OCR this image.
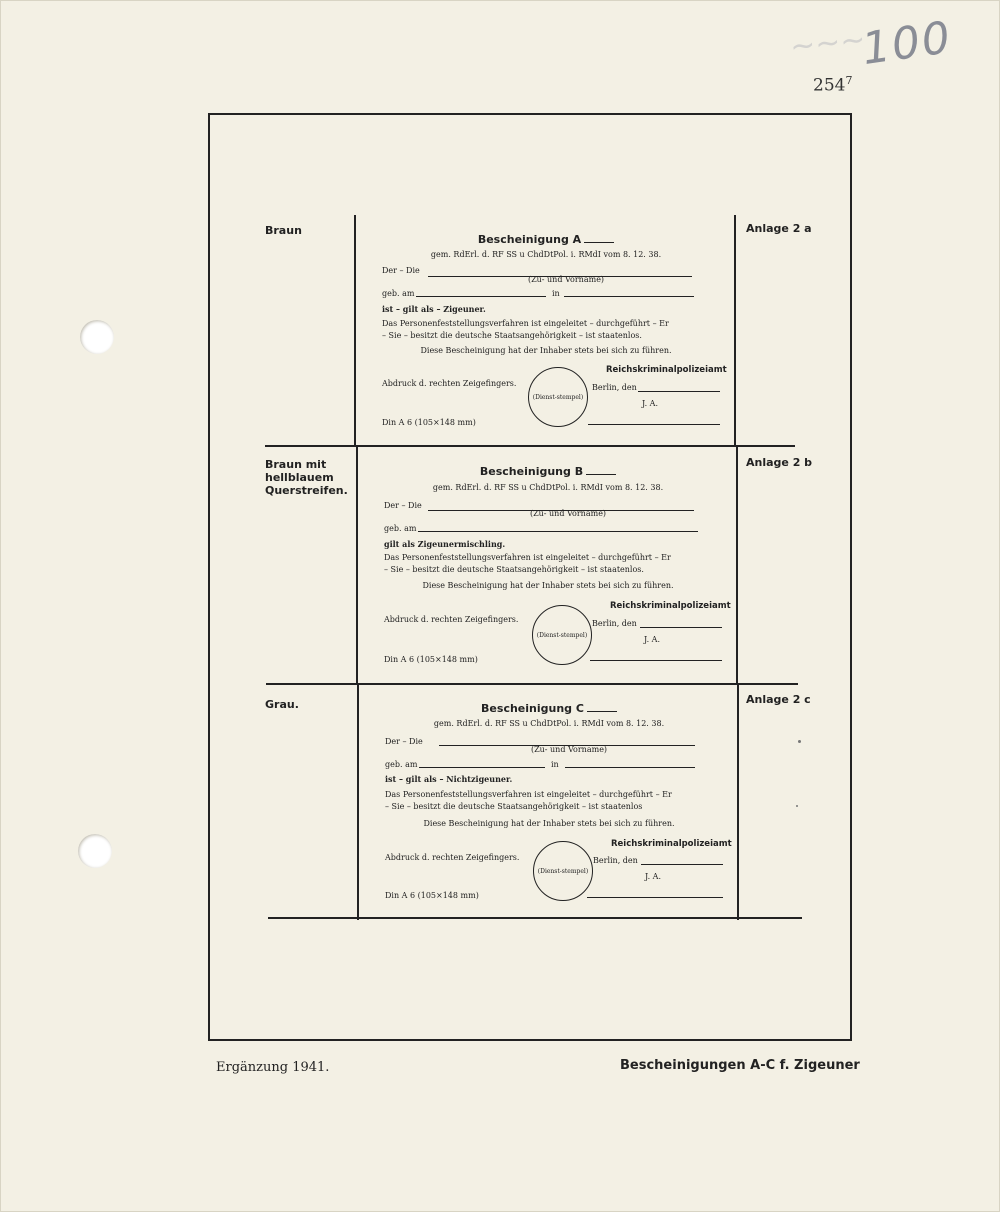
~~~
100
$254^7$
Braun	Anlage 2 a
Braun mit hellblauem Querstreifen.
Anlage 2 b
Grau.	Anlage 2 c
Bescheinigung A
gem. RdErl. d. RF SS u ChdDtPol. i. RMdI vom 8. 12. 38.
Der – Die
(Zu- und Vorname)
geb. am	in
ist – gilt als – Zigeuner.
Das Personenfeststellungsverfahren ist eingeleitet – durchgeführt – Er
– Sie – besitzt die deutsche Staatsangehörigkeit – ist staatenlos.
Diese Bescheinigung hat der Inhaber stets bei sich zu führen.
Reichskriminalpolizeiamt
Abdruck d. rechten Zeigefingers.
(Dienst-stempel)
Berlin, den
J. A.
Din A 6 (105×148 mm)
Bescheinigung B
gem. RdErl. d. RF SS u ChdDtPol. i. RMdI vom 8. 12. 38.
Der – Die
(Zu- und Vorname)
geb. am
gilt als Zigeunermischling.
Das Personenfeststellungsverfahren ist eingeleitet – durchgeführt – Er
– Sie – besitzt die deutsche Staatsangehörigkeit – ist staatenlos.
Diese Bescheinigung hat der Inhaber stets bei sich zu führen.
Reichskriminalpolizeiamt
Abdruck d. rechten Zeigefingers.
(Dienst-stempel)
Berlin, den
J. A.
Din A 6 (105×148 mm)
Bescheinigung C
gem. RdErl. d. RF SS u ChdDtPol. i. RMdI vom 8. 12. 38.
Der – Die
(Zu- und Vorname)
geb. am	in
ist – gilt als – Nichtzigeuner.
Das Personenfeststellungsverfahren ist eingeleitet – durchgeführt – Er
– Sie – besitzt die deutsche Staatsangehörigkeit – ist staatenlos
Diese Bescheinigung hat der Inhaber stets bei sich zu führen.
Reichskriminalpolizeiamt
Abdruck d. rechten Zeigefingers.
(Dienst-stempel)
Berlin, den
J. A.
Din A 6 (105×148 mm)
Ergänzung 1941.	Bescheinigungen A-C f. Zigeuner
